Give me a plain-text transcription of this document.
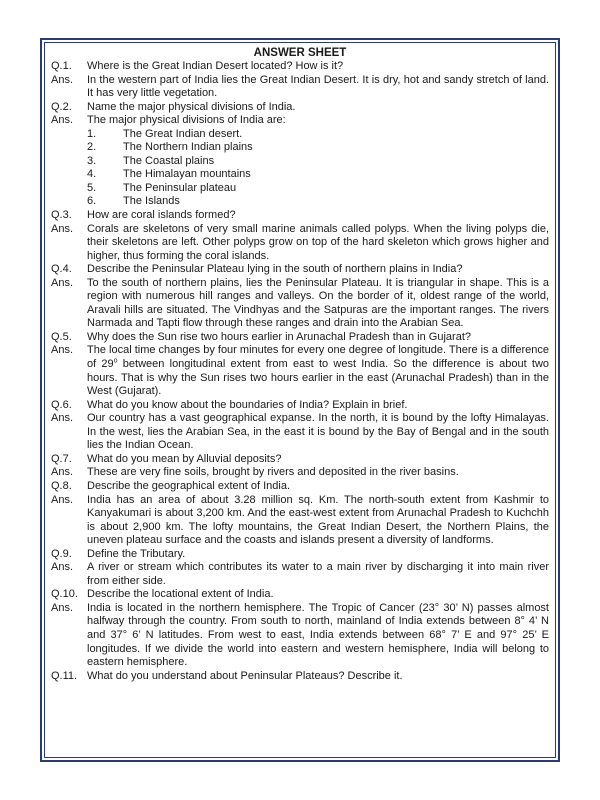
ANSWER SHEET
Q.1.	Where is the Great Indian Desert located? How is it?
Ans.	In the western part of India lies the Great Indian Desert. It is dry, hot and sandy stretch of land. It has very little vegetation.
Q.2.	Name the major physical divisions of India.
Ans.	The major physical divisions of India are:
1.	The Great Indian desert.
2.	The Northern Indian plains
3.	The Coastal plains
4.	The Himalayan mountains
5.	The Peninsular plateau
6.	The Islands
Q.3.	How are coral islands formed?
Ans.	Corals are skeletons of very small marine animals called polyps. When the living polyps die, their skeletons are left. Other polyps grow on top of the hard skeleton which grows higher and higher, thus forming the coral islands.
Q.4.	Describe the Peninsular Plateau lying in the south of northern plains in India?
Ans.	To the south of northern plains, lies the Peninsular Plateau. It is triangular in shape. This is a region with numerous hill ranges and valleys. On the border of it, oldest range of the world, Aravali hills are situated. The Vindhyas and the Satpuras are the important ranges. The rivers Narmada and Tapti flow through these ranges and drain into the Arabian Sea.
Q.5.	Why does the Sun rise two hours earlier in Arunachal Pradesh than in Gujarat?
Ans.	The local time changes by four minutes for every one degree of longitude. There is a difference of 29$^o$ between longitudinal extent from east to west India. So the difference is about two hours. That is why the Sun rises two hours earlier in the east (Arunachal Pradesh) than in the West (Gujarat).
Q.6.	What do you know about the boundaries of India? Explain in brief.
Ans.	Our country has a vast geographical expanse. In the north, it is bound by the lofty Himalayas. In the west, lies the Arabian Sea, in the east it is bound by the Bay of Bengal and in the south lies the Indian Ocean.
Q.7.	What do you mean by Alluvial deposits?
Ans.	These are very fine soils, brought by rivers and deposited in the river basins.
Q.8.	Describe the geographical extent of India.
Ans.	India has an area of about 3.28 million sq. Km. The north-south extent from Kashmir to Kanyakumari is about 3,200 km. And the east-west extent from Arunachal Pradesh to Kuchchh is about 2,900 km. The lofty mountains, the Great Indian Desert, the Northern Plains, the uneven plateau surface and the coasts and islands present a diversity of landforms.
Q.9.	Define the Tributary.
Ans.	A river or stream which contributes its water to a main river by discharging it into main river from either side.
Q.10. Describe the locational extent of India.
Ans.	India is located in the northern hemisphere. The Tropic of Cancer (23° 30’ N) passes almost halfway through the country. From south to north, mainland of India extends between 8° 4’ N and 37° 6’ N latitudes. From west to east, India extends between 68° 7’ E and 97° 25’ E longitudes. If we divide the world into eastern and western hemisphere, India will belong to eastern hemisphere.
Q.11. What do you understand about Peninsular Plateaus? Describe it.
